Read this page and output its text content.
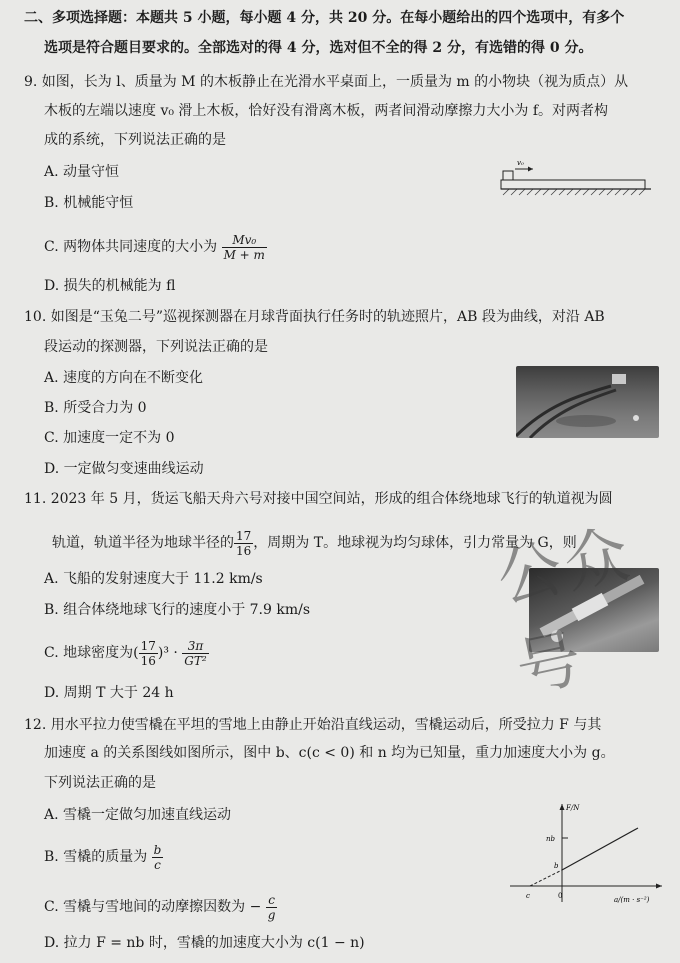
二、多项选择题：本题共 5 小题，每小题 4 分，共 20 分。在每小题给出的四个选项中，有多个
选项是符合题目要求的。全部选对的得 4 分，选对但不全的得 2 分，有选错的得 0 分。
9. 如图，长为 l、质量为 M 的木板静止在光滑水平桌面上，一质量为 m 的小物块（视为质点）从
木板的左端以速度 v₀ 滑上木板，恰好没有滑离木板，两者间滑动摩擦力大小为 f。对两者构
成的系统，下列说法正确的是
A. 动量守恒
B. 机械能守恒
C. 两物体共同速度的大小为 $\frac{\text{Mv₀}}{M + m}$
D. 损失的机械能为 fl
v₀
10. 如图是“玉兔二号”巡视探测器在月球背面执行任务时的轨迹照片，AB 段为曲线，对沿 AB
段运动的探测器，下列说法正确的是
A. 速度的方向在不断变化
B. 所受合力为 0
C. 加速度一定不为 0
D. 一定做匀变速曲线运动
11. 2023 年 5 月，货运飞船天舟六号对接中国空间站，形成的组合体绕地球飞行的轨道视为圆
轨道，轨道半径为地球半径的 $\frac{17}{16}$ ，周期为 T。地球视为均匀球体，引力常量为 G，则
A. 飞船的发射速度大于 11.2 km/s
B. 组合体绕地球飞行的速度小于 7.9 km/s
C. 地球密度为( $\frac{17}{16} )^3 \cdot \frac{3\pi}{\text{GT²}}$
D. 周期 T 大于 24 h
公众号
12. 用水平拉力使雪橇在平坦的雪地上由静止开始沿直线运动，雪橇运动后，所受拉力 F 与其
加速度 a 的关系图线如图所示，图中 b、c(c < 0) 和 n 均为已知量，重力加速度大小为 g。
下列说法正确的是
A. 雪橇一定做匀加速直线运动
B. 雪橇的质量为 $\frac{b}{c}$
C. 雪橇与雪地间的动摩擦因数为 − $\frac{c}{g}$
D. 拉力 F = nb 时，雪橇的加速度大小为 c(1 − n)
F/N
a/(m · s⁻²)
nb
b
c	0
